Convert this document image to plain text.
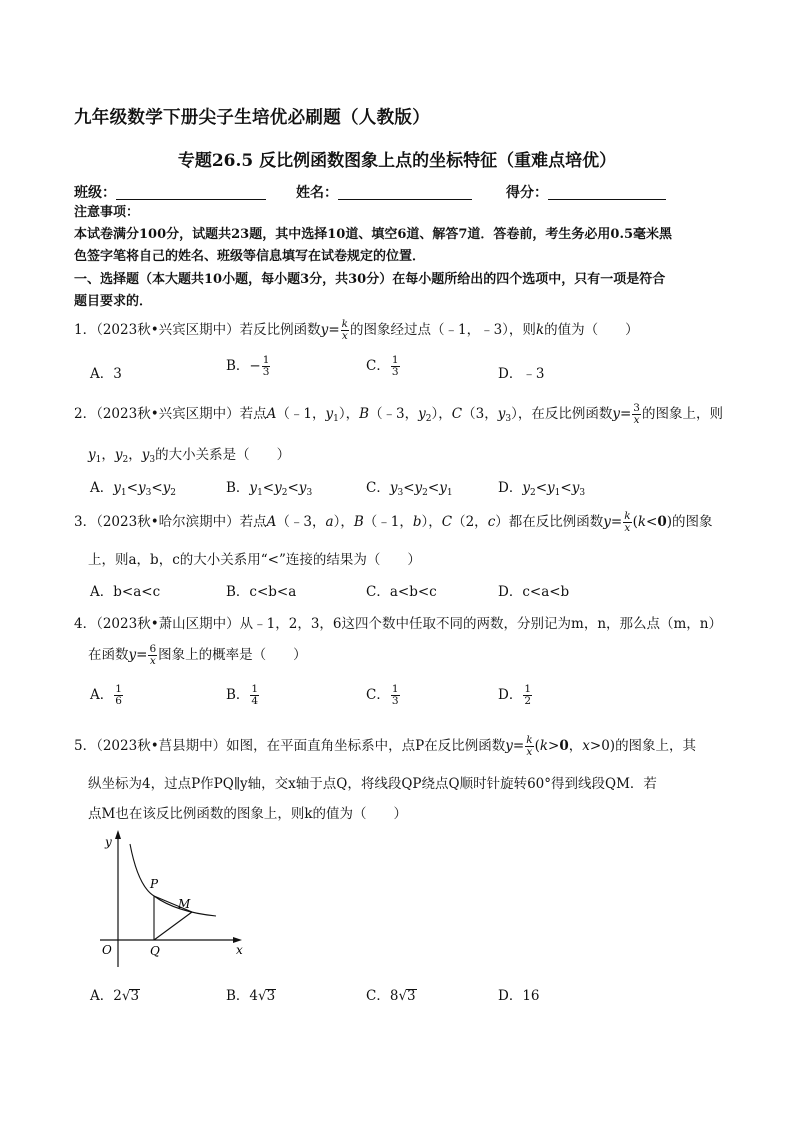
九年级数学下册尖子生培优必刷题（人教版）
专题26.5 反比例函数图象上点的坐标特征（重难点培优）
班级：	姓名：	得分：
注意事项：
本试卷满分100分，试题共23题，其中选择10道、填空6道、解答7道．答卷前，考生务必用0.5毫米黑
色签字笔将自己的姓名、班级等信息填写在试卷规定的位置．
一、选择题（本大题共10小题，每小题3分，共30分）在每小题所给出的四个选项中，只有一项是符合
题目要求的．
1．（2023秋•兴宾区期中）若反比例函数$y= \frac{k}{x}$ 的图象经过点（﹣1，﹣3），则k的值为（　　）
A．3	B．− $\frac{1}{3}$	C． $\frac{1}{3}$	D．﹣3
2．（2023秋•兴宾区期中）若点A（﹣1，$y_1$），B（﹣3，$y_2$），C（3，$y_3$），在反比例函数$y= \frac{3}{x}$ 的图象上，则
$y_1$，$y_2$，$y_3$的大小关系是（　　）
A．$y_1<y_3<y_2$	B．$y_1<y_2<y_3$	C．$y_3<y_2<y_1$	D．$y_2<y_1<y_3$
3．（2023秋•哈尔滨期中）若点A（﹣3，a），B（﹣1，b），C（2，c）都在反比例函数$y= \frac{k}{x} (k<0)$的图象
上，则a，b，c的大小关系用“<”连接的结果为（　　）
A．b<a<c	B．c<b<a	C．a<b<c	D．c<a<b
4．（2023秋•萧山区期中）从﹣1，2，3，6这四个数中任取不同的两数，分别记为m，n，那么点（m，n）
在函数$y= \frac{6}{x}$ 图象上的概率是（　　）
A． $\frac{1}{6}$	B． $\frac{1}{4}$	C． $\frac{1}{3}$	D． $\frac{1}{2}$
5．（2023秋•莒县期中）如图，在平面直角坐标系中，点P在反比例函数$y= \frac{k}{x} (k>0$，x>0)的图象上，其
纵坐标为4，过点P作PQ∥y轴，交x轴于点Q，将线段QP绕点Q顺时针旋转60°得到线段QM．若
点M也在该反比例函数的图象上，则k的值为（　　）
y
x
O
P
Q
M
A．2√3	B．4√3	C．8√3	D．16
